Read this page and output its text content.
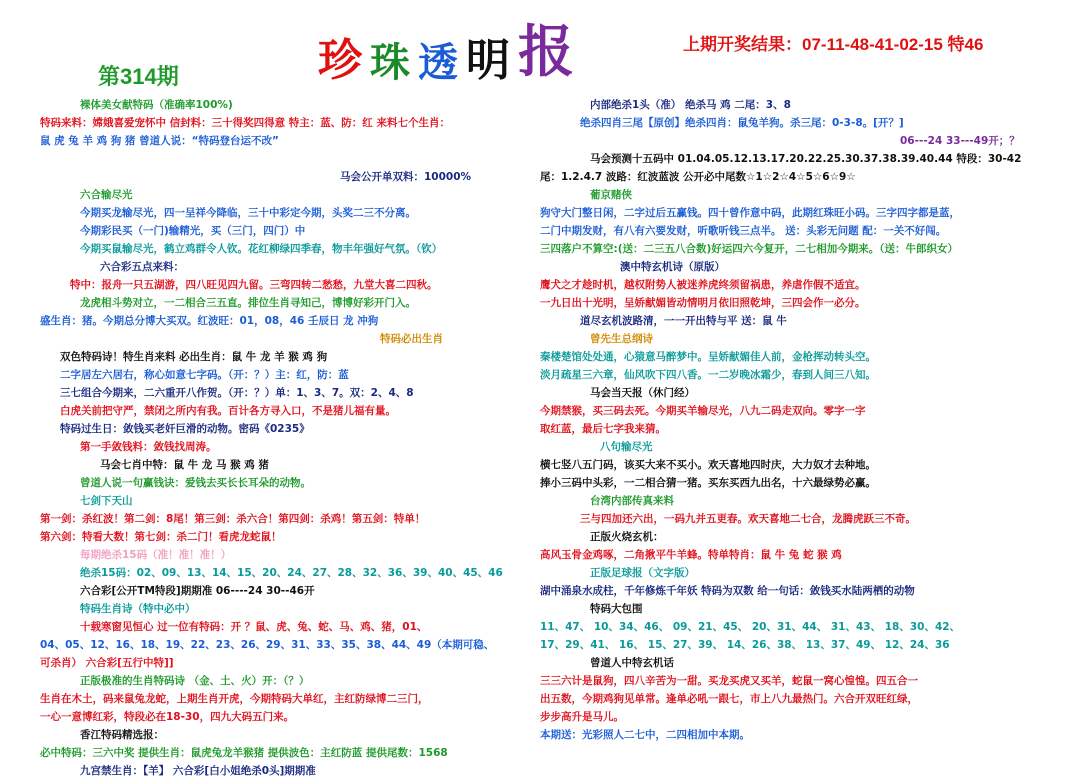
珍 珠 透 明 报
第314期
上期开奖结果：07-11-48-41-02-15 特46
裸体美女献特码（准确率100%)
特码来料：嫦娥喜爱宠怀中 信封料：三十得奖四得意 特主：蓝、防：红 来料七个生肖：
鼠 虎 兔 羊 鸡 狗 猪 曾道人说：“特码登台运不改”
马会公开单双料：10000%
六合输尽光
今期买龙输尽光，四一呈祥今降临，三十中彩定今期，头奖二三不分离。
今期彩民买（一门)输精光，买（三门，四门）中
今期买鼠输尽光，鹤立鸡群令人钦。花红柳绿四季春，物丰年强好气氛。（钦）
六合彩五点来料：
特中：报舟一只五湖游，四八旺见四九留。三弯四转二愁愁，九堂大喜二四秋。
龙虎相斗势对立，一二相合三五直。排位生肖寻知己，博博好彩开门入。
盛生肖：猪。今期总分博大买双。红波旺：01，08，46 壬辰日 龙 冲狗
特码必出生肖
双色特码诗！特生肖来料 必出生肖：鼠 牛 龙 羊 猴 鸡 狗
二字居左六居右，称心如意七字码。（开：？）主：红，防：蓝
三七组合今期来，二六重开八作贺。（开：？）单：1、3、7。双：2、4、8
白虎关前把守严，禁闭之所内有我。百计各方寻入口，不是猪儿福有量。
特码过生日：敛钱买老奸巨滑的动物。密码《0235》
第一手敛钱料：敛钱找周涛。
马会七肖中特：鼠 牛 龙 马 猴 鸡 猪
曾道人说一句赢钱诀：爱钱去买长长耳朵的动物。
七剑下天山
第一剑：杀红波！第二剑：8尾！第三剑：杀六合！第四剑：杀鸡！第五剑：特单！
第六剑：特看大数！第七剑：杀二门！看虎龙蛇鼠！
每期绝杀15码（准！准！准！）
绝杀15码：02、09、13、14、15、20、24、27、28、32、36、39、40、45、46
六合彩[公开TM特段]期期准 06----24 30--46开
特码生肖诗（特中必中）
十载寒窗见恒心 过一位有特码：开 ？鼠、虎、兔、蛇、马、鸡、猪，01、
04、05、12、16、18、19、22、23、26、29、31、33、35、38、44、49（本期可稳、
可杀肖） 六合彩[五行中特]]
正版极准的生肖特码诗 （金、土、火）开：（？）
生肖在木土，码来鼠兔龙蛇，上期生肖开虎，今期特码大单红，主红防绿博二三门，
一心一意博红彩，特段必在18-30，四九大码五门来。
香江特码精选报：
必中特码：三六中奖 提供生肖：鼠虎兔龙羊猴猪 提供波色：主红防蓝 提供尾数：1568
九宫禁生肖：【羊】 六合彩[白小姐绝杀0头]期期准
内部绝杀1头（准） 绝杀马 鸡 二尾：3、8
绝杀四肖三尾【原创】绝杀四肖：鼠兔羊狗。杀三尾：0-3-8。[开？]
06---24 33---49开；？
马会预测十五码中 01.04.05.12.13.17.20.22.25.30.37.38.39.40.44 特段：30-42
尾：1.2.4.7 波路：红波蓝波 公开必中尾数☆1☆2☆4☆5☆6☆9☆
葡京赌侠
狗守大门整日闲，二字过后五赢钱。四十曾作意中码，此期红珠旺小码。三字四字都是蓝，
二门中期发财，有八有六要发财，听歌听钱三点半。 送：头彩无问题 配：一关不好闯。
三四落户不算空:(送：二三五八合数)好运四六今复开，二七相加今期来。（送：牛郎织女）
澳中特玄机诗（原版）
鹰犬之才趁时机，越权附势人被迷养虎终须留祸患，养虐作假不适宜。
一九日出十光明，呈娇献媚皆动情明月依旧照乾坤，三四会作一必分。
道尽玄机波路清，一一开出特与平 送：鼠 牛
曾先生总纲诗
秦楼楚馆处处通，心猿意马醉梦中。呈娇献媚佳人前，金枪挥动转头空。
淡月疏星三六章，仙风吹下四八香。一二岁晚冰霜少，春到人间三八知。
马会当天报（休门经）
今期禁猴，买三码去死。今期买羊输尽光，八九二码走双向。零字一字
取红蓝，最后七字我来猜。
八句输尽光
横七竖八五门码，该买大来不买小。欢天喜地四时庆，大力奴才去种地。
捧小三码中头彩，一二相合猜一猪。买东买西九出名，十六最绿势必赢。
台湾内部传真来料
三与四加还六出，一码九并五更春。欢天喜地二七合，龙腾虎跃三不奇。
正版火烧玄机：
高风玉骨金鸡啄，二角揪平牛羊蜂。特单特肖：鼠 牛 兔 蛇 猴 鸡
正版足球报（文字版）
湖中涌泉水成柱，千年修炼千年妖 特码为双数 给一句话：敛钱买水陆两栖的动物
特码大包围
11、47、 10、34、46、 09、21、45、 20、31、44、 31、43、 18、30、42、
17、29、41、 16、 15、27、39、 14、26、38、 13、37、49、 12、24、36
曾道人中特玄机话
三三六计是鼠狗，四八辛苦为一甜。买龙买虎又买羊，蛇鼠一窝心惶惶。四五合一
出五数，今期鸡狗见单常。逢单必吼一跟七，市上八九最热门。六合开双旺红绿，
步步高升是马儿。
本期送：光彩照人二七中，二四相加中本期。
